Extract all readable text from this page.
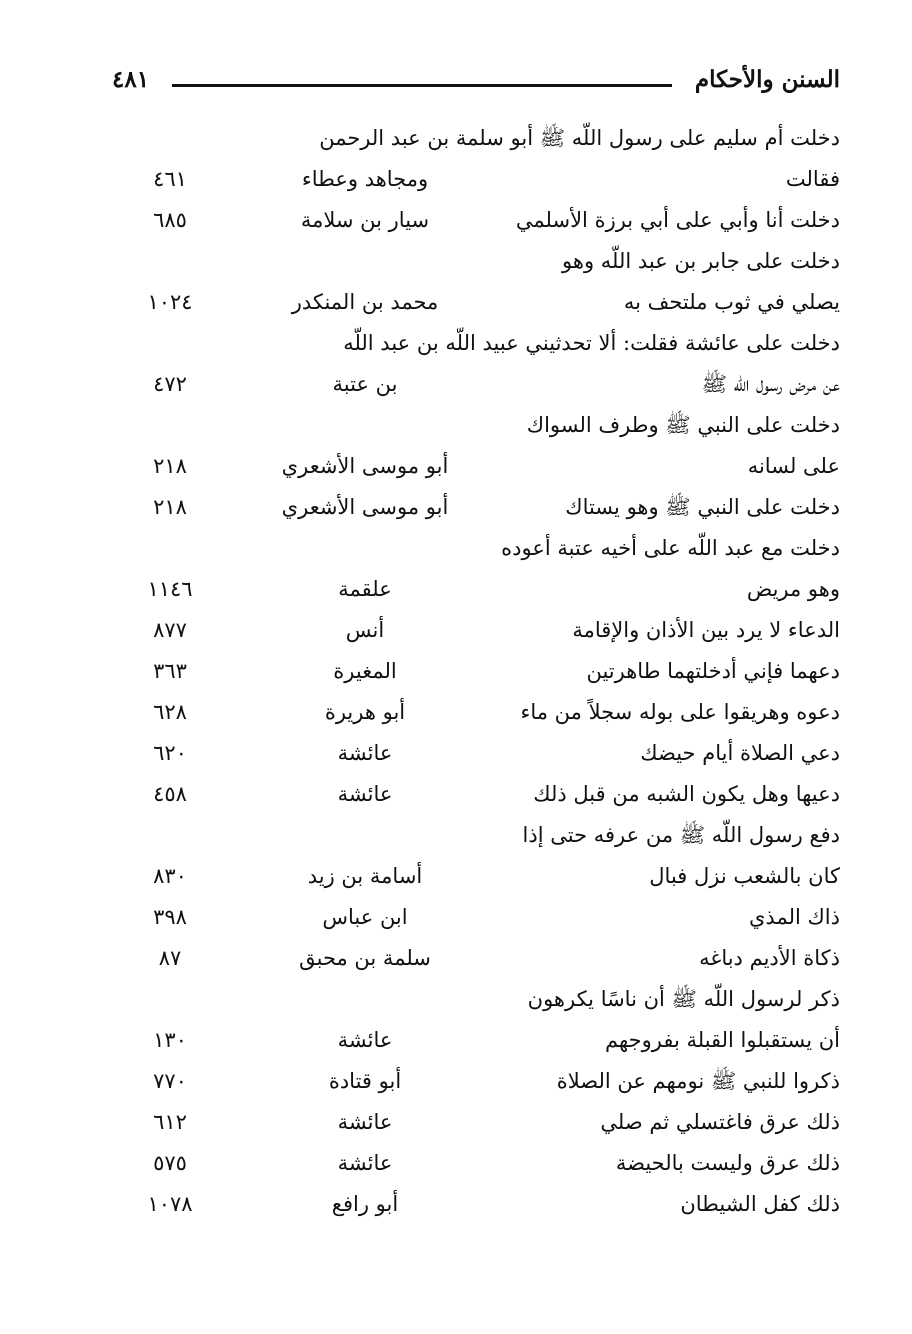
السنن والأحكام
٤٨١
دخلت أم سليم على رسول اللّه ﷺ أبو سلمة بن عبد الرحمن
فقالت
ومجاهد وعطاء
٤٦١
دخلت أنا وأبي على أبي برزة الأسلمي
سيار بن سلامة
٦٨٥
دخلت على جابر بن عبد اللّه وهو
يصلي في ثوب ملتحف به
محمد بن المنكدر
١٠٢٤
دخلت على عائشة فقلت: ألا تحدثيني عبيد اللّه بن عبد اللّه
عن مرض رسول اللّه ﷺ
بن عتبة
٤٧٢
دخلت على النبي ﷺ وطرف السواك
على لسانه
أبو موسى الأشعري
٢١٨
دخلت على النبي ﷺ وهو يستاك
أبو موسى الأشعري
٢١٨
دخلت مع عبد اللّه على أخيه عتبة أعوده
وهو مريض
علقمة
١١٤٦
الدعاء لا يرد بين الأذان والإقامة
أنس
٨٧٧
دعهما فإني أدخلتهما طاهرتين
المغيرة
٣٦٣
دعوه وهريقوا على بوله سجلاً من ماء
أبو هريرة
٦٢٨
دعي الصلاة أيام حيضك
عائشة
٦٢٠
دعيها وهل يكون الشبه من قبل ذلك
عائشة
٤٥٨
دفع رسول اللّه ﷺ من عرفه حتى إذا
كان بالشعب نزل فبال
أسامة بن زيد
٨٣٠
ذاك المذي
ابن عباس
٣٩٨
ذكاة الأديم دباغه
سلمة بن محبق
٨٧
ذكر لرسول اللّه ﷺ أن ناسًا يكرهون
أن يستقبلوا القبلة بفروجهم
عائشة
١٣٠
ذكروا للنبي ﷺ نومهم عن الصلاة
أبو قتادة
٧٧٠
ذلك عرق فاغتسلي ثم صلي
عائشة
٦١٢
ذلك عرق وليست بالحيضة
عائشة
٥٧٥
ذلك كفل الشيطان
أبو رافع
١٠٧٨
